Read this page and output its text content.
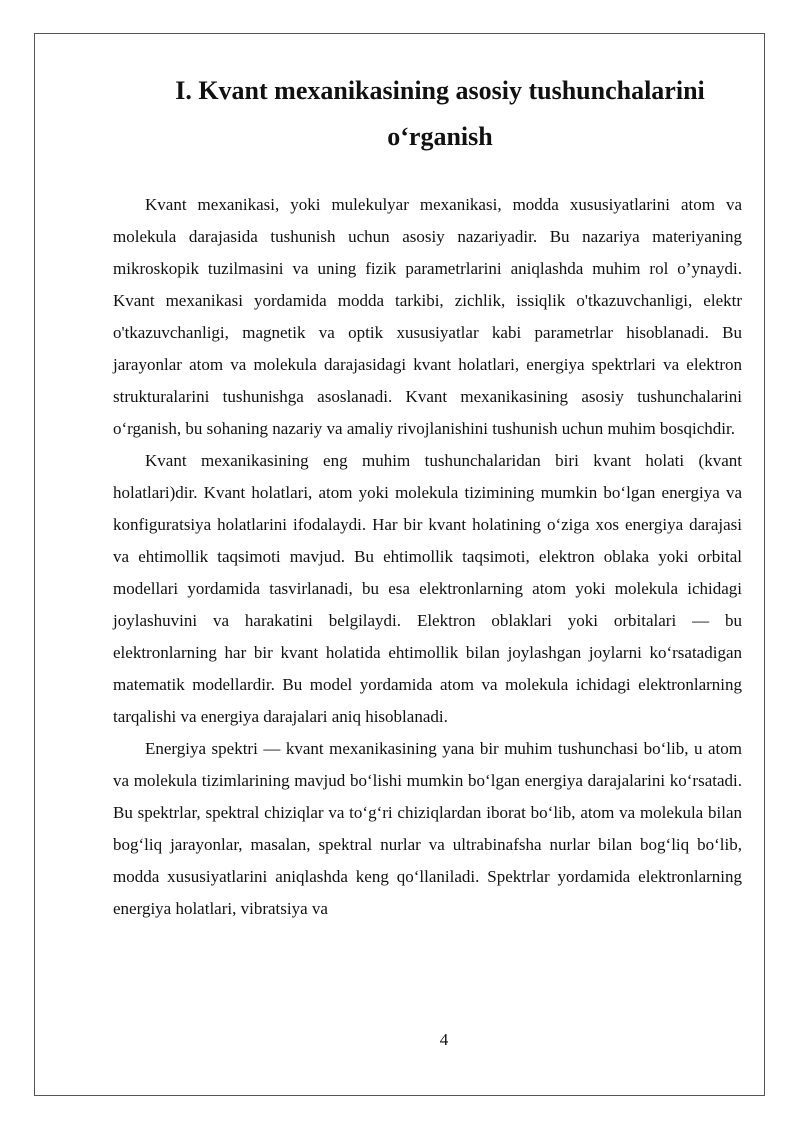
I. Kvant mexanikasining asosiy tushunchalarini
o‘rganish

Kvant mexanikasi, yoki mulekulyar mexanikasi, modda xususiyatlarini atom va molekula darajasida tushunish uchun asosiy nazariyadir. Bu nazariya materiyaning mikroskopik tuzilmasini va uning fizik parametrlarini aniqlashda muhim rol o’ynaydi. Kvant mexanikasi yordamida modda tarkibi, zichlik, issiqlik o'tkazuvchanligi, elektr o'tkazuvchanligi, magnetik va optik xususiyatlar kabi parametrlar hisoblanadi. Bu jarayonlar atom va molekula darajasidagi kvant holatlari, energiya spektrlari va elektron strukturalarini tushunishga asoslanadi. Kvant mexanikasining asosiy tushunchalarini o‘rganish, bu sohaning nazariy va amaliy rivojlanishini tushunish uchun muhim bosqichdir.

Kvant mexanikasining eng muhim tushunchalaridan biri kvant holati (kvant holatlari)dir. Kvant holatlari, atom yoki molekula tizimining mumkin bo‘lgan energiya va konfiguratsiya holatlarini ifodalaydi. Har bir kvant holatining o‘ziga xos energiya darajasi va ehtimollik taqsimoti mavjud. Bu ehtimollik taqsimoti, elektron oblaka yoki orbital modellari yordamida tasvirlanadi, bu esa elektronlarning atom yoki molekula ichidagi joylashuvini va harakatini belgilaydi. Elektron oblaklari yoki orbitalari — bu elektronlarning har bir kvant holatida ehtimollik bilan joylashgan joylarni ko‘rsatadigan matematik modellardir. Bu model yordamida atom va molekula ichidagi elektronlarning tarqalishi va energiya darajalari aniq hisoblanadi.

Energiya spektri — kvant mexanikasining yana bir muhim tushunchasi bo‘lib, u atom va molekula tizimlarining mavjud bo‘lishi mumkin bo‘lgan energiya darajalarini ko‘rsatadi. Bu spektrlar, spektral chiziqlar va to‘g‘ri chiziqlardan iborat bo‘lib, atom va molekula bilan bog‘liq jarayonlar, masalan, spektral nurlar va ultrabinafsha nurlar bilan bog‘liq bo‘lib, modda xususiyatlarini aniqlashda keng qo‘llaniladi. Spektrlar yordamida elektronlarning energiya holatlari, vibratsiya va

4
